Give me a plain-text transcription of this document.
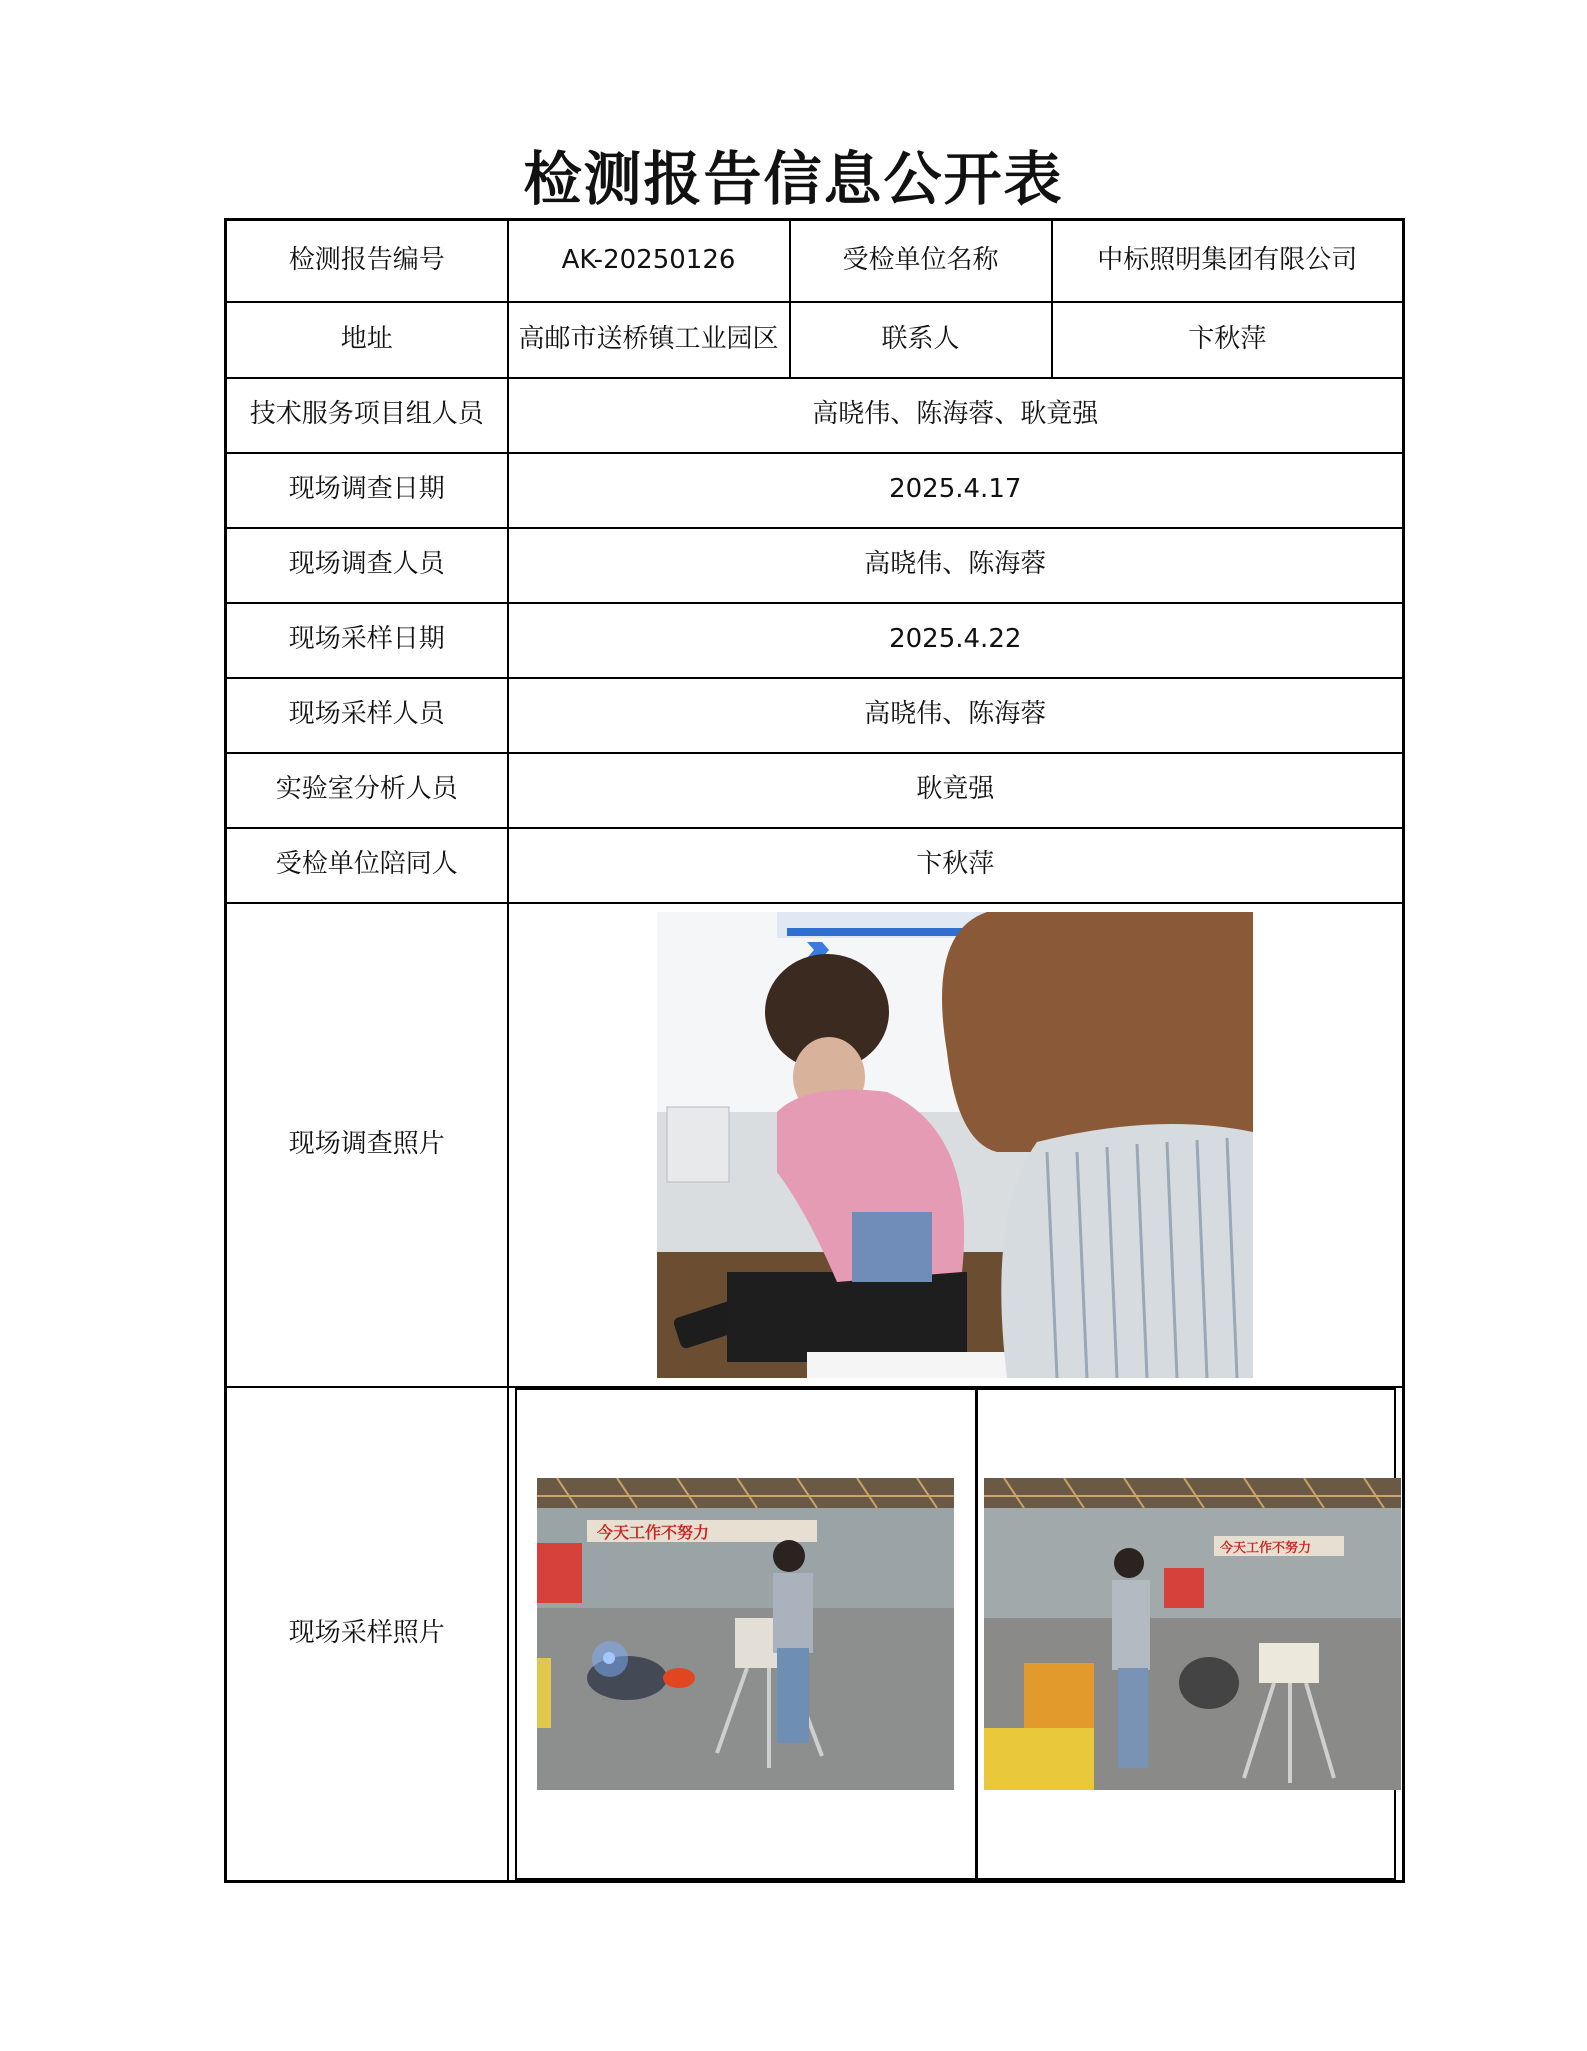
检测报告信息公开表
检测报告编号	AK-20250126	受检单位名称	中标照明集团有限公司
地址	高邮市送桥镇工业园区	联系人	卞秋萍
技术服务项目组人员	高晓伟、陈海蓉、耿竟强
现场调查日期	2025.4.17
现场调查人员	高晓伟、陈海蓉
现场采样日期	2025.4.22
现场采样人员	高晓伟、陈海蓉
实验室分析人员	耿竟强
受检单位陪同人	卞秋萍
现场调查照片	

现场采样照片	
今天工作不努力

今天工作不努力
